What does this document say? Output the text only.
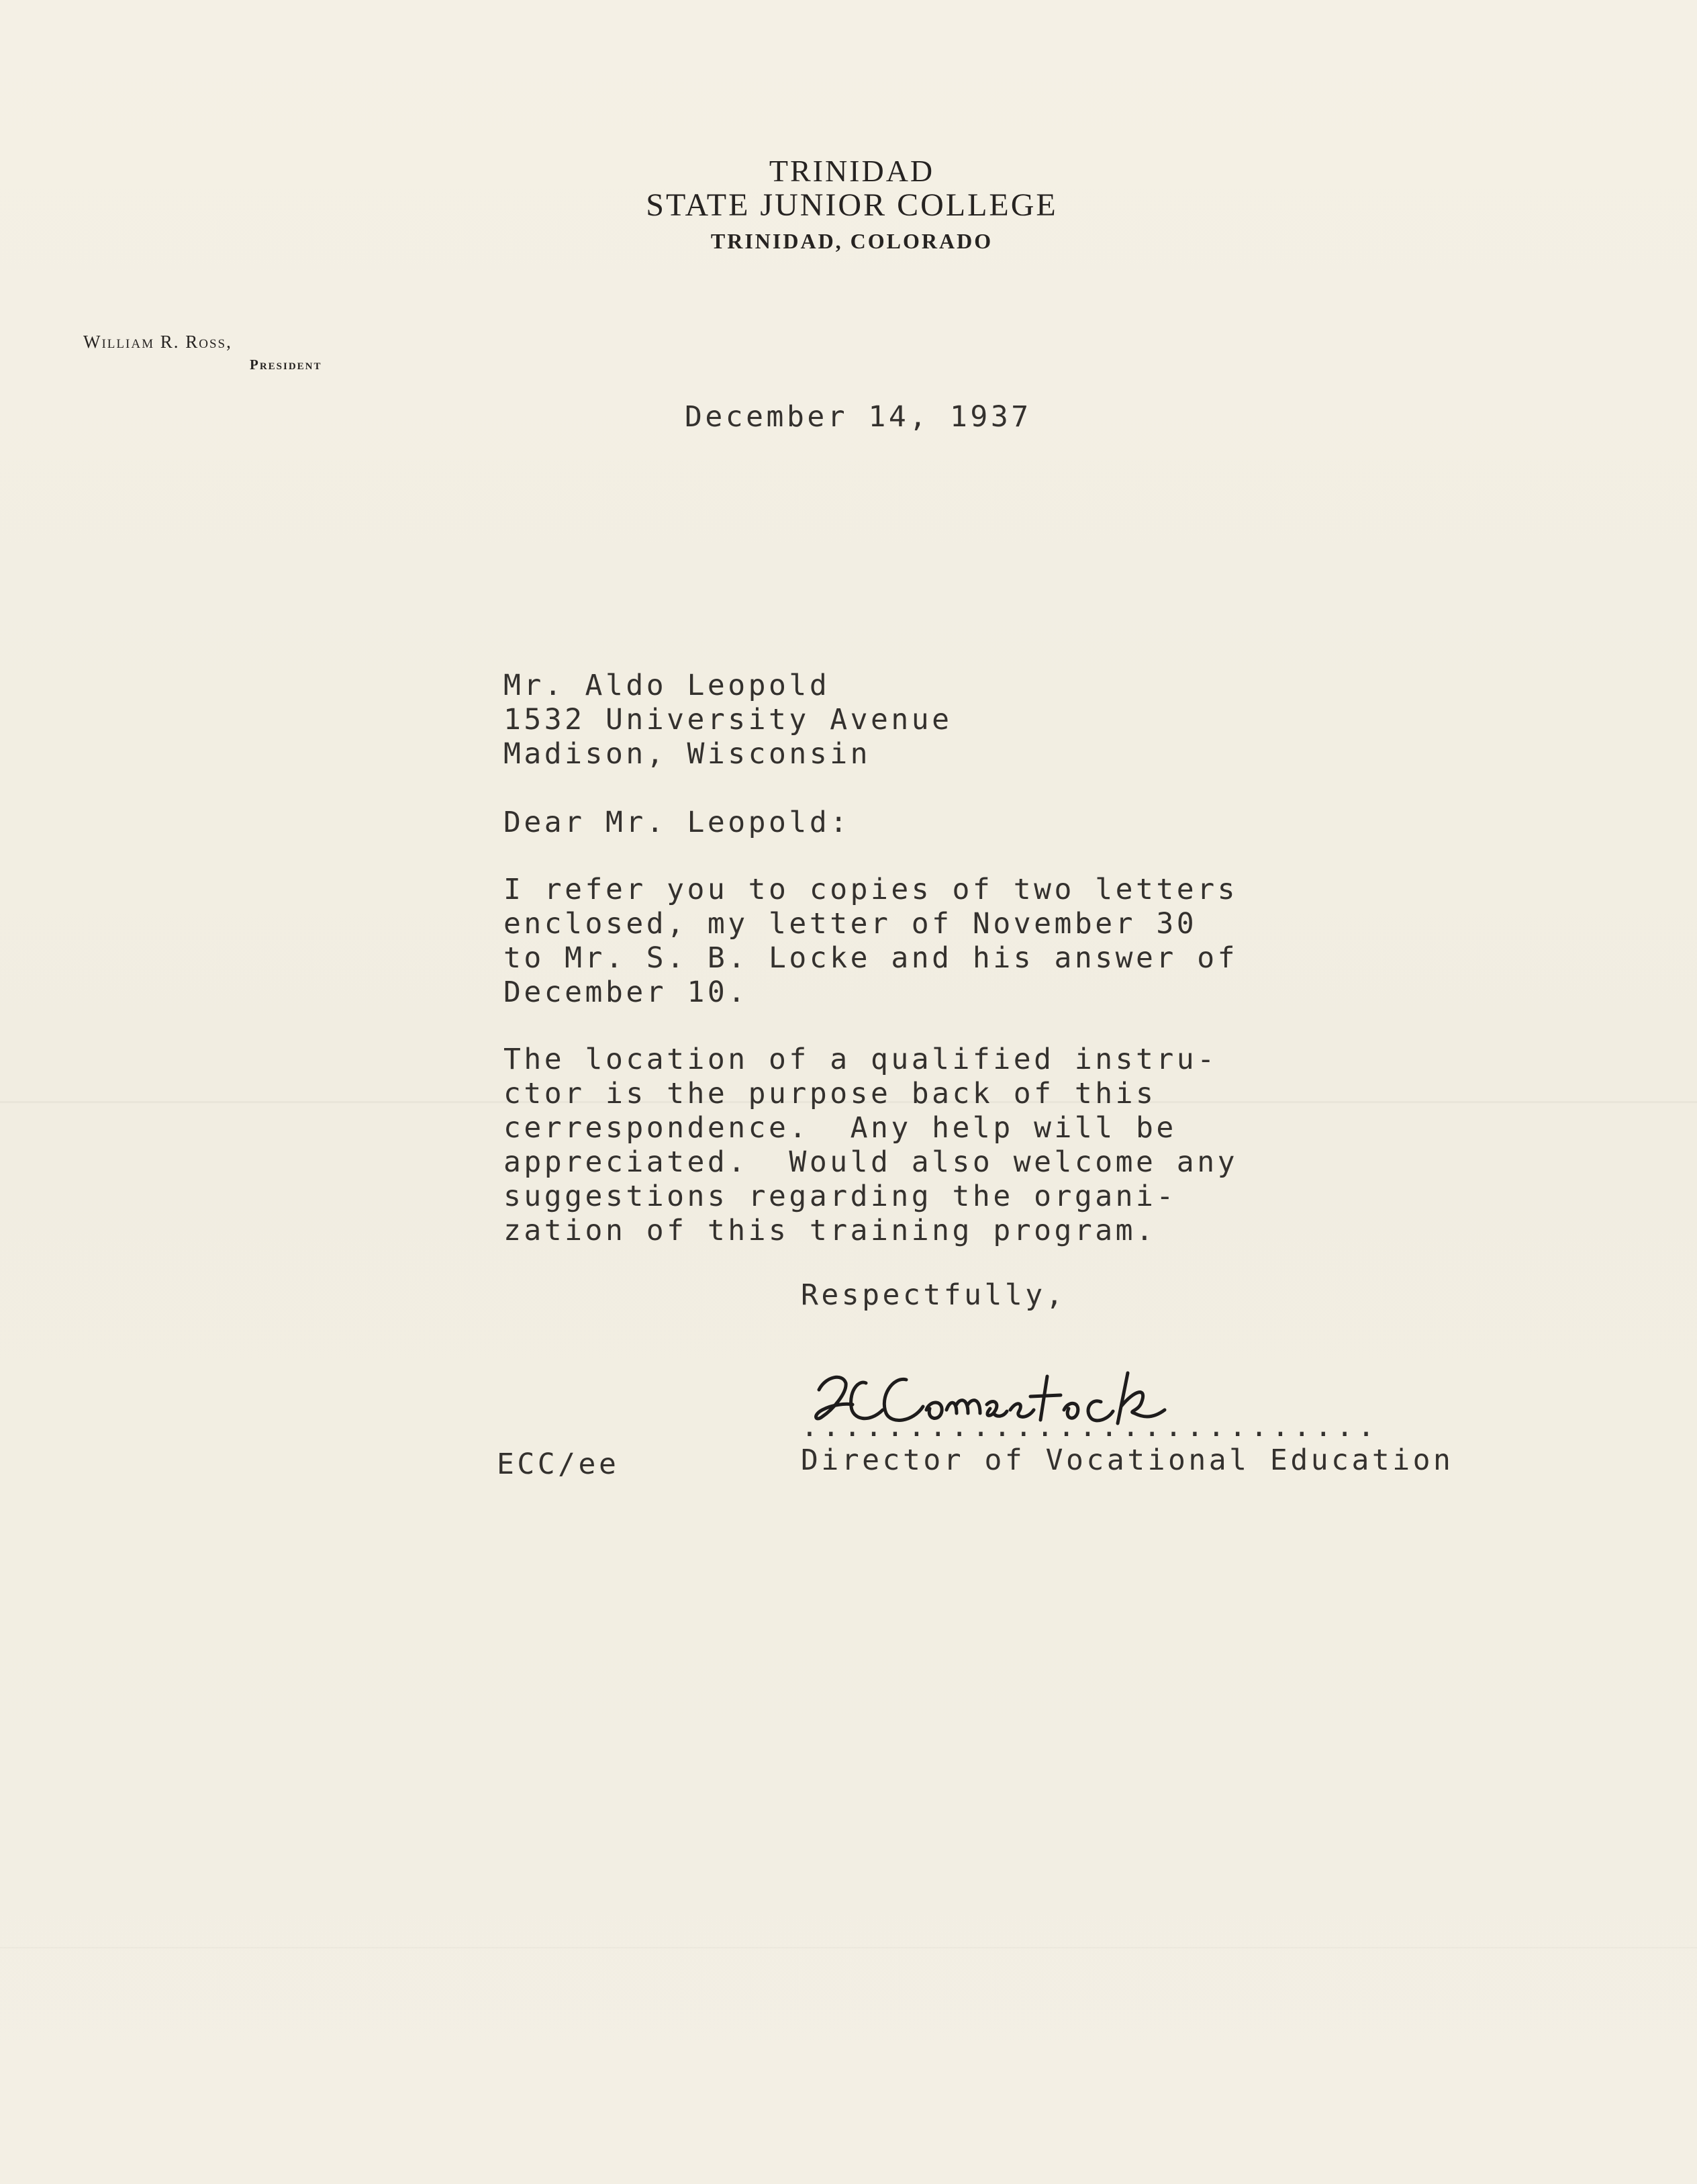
TRINIDAD
STATE JUNIOR COLLEGE
TRINIDAD, COLORADO
William R. Ross,
President
December 14, 1937
Mr. Aldo Leopold
1532 University Avenue
Madison, Wisconsin
Dear Mr. Leopold:
I refer you to copies of two letters
enclosed, my letter of November 30
to Mr. S. B. Locke and his answer of
December 10.
The location of a qualified instru-
ctor is the purpose back of this
cerrespondence.  Any help will be
appreciated.  Would also welcome any
suggestions regarding the organi-
zation of this training program.
Respectfully,
...........................
Director of Vocational Education
ECC/ee
